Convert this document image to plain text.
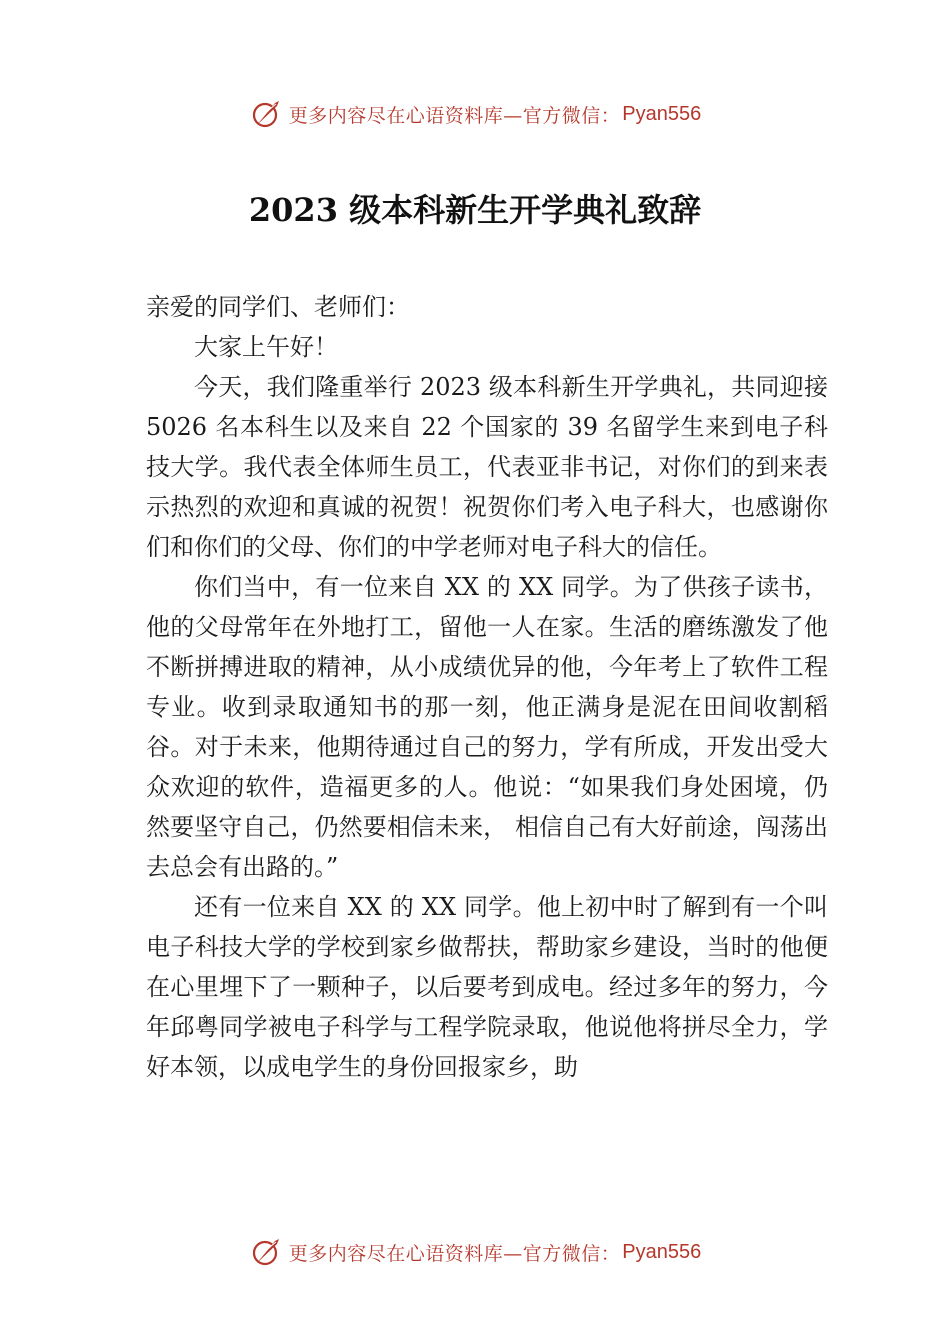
更多内容尽在心语资料库—官方微信： Pyan556
2023 级本科新生开学典礼致辞

亲爱的同学们、老师们：

大家上午好！

今天，我们隆重举行 2023 级本科新生开学典礼，共同迎接 5026 名本科生以及来自 22 个国家的 39 名留学生来到电子科技大学。我代表全体师生员工，代表亚非书记，对你们的到来表示热烈的欢迎和真诚的祝贺！祝贺你们考入电子科大，也感谢你们和你们的父母、你们的中学老师对电子科大的信任。

你们当中，有一位来自 XX 的 XX 同学。为了供孩子读书，他的父母常年在外地打工，留他一人在家。生活的磨练激发了他不断拼搏进取的精神，从小成绩优异的他，今年考上了软件工程专业。收到录取通知书的那一刻，他正满身是泥在田间收割稻谷。对于未来，他期待通过自己的努力，学有所成，开发出受大众欢迎的软件，造福更多的人。他说：“如果我们身处困境，仍然要坚守自己，仍然要相信未来， 相信自己有大好前途，闯荡出去总会有出路的。”

还有一位来自 XX 的 XX 同学。他上初中时了解到有一个叫电子科技大学的学校到家乡做帮扶，帮助家乡建设，当时的他便在心里埋下了一颗种子，以后要考到成电。经过多年的努力，今年邱粤同学被电子科学与工程学院录取，他说他将拼尽全力，学好本领，以成电学生的身份回报家乡，助

更多内容尽在心语资料库—官方微信： Pyan556
